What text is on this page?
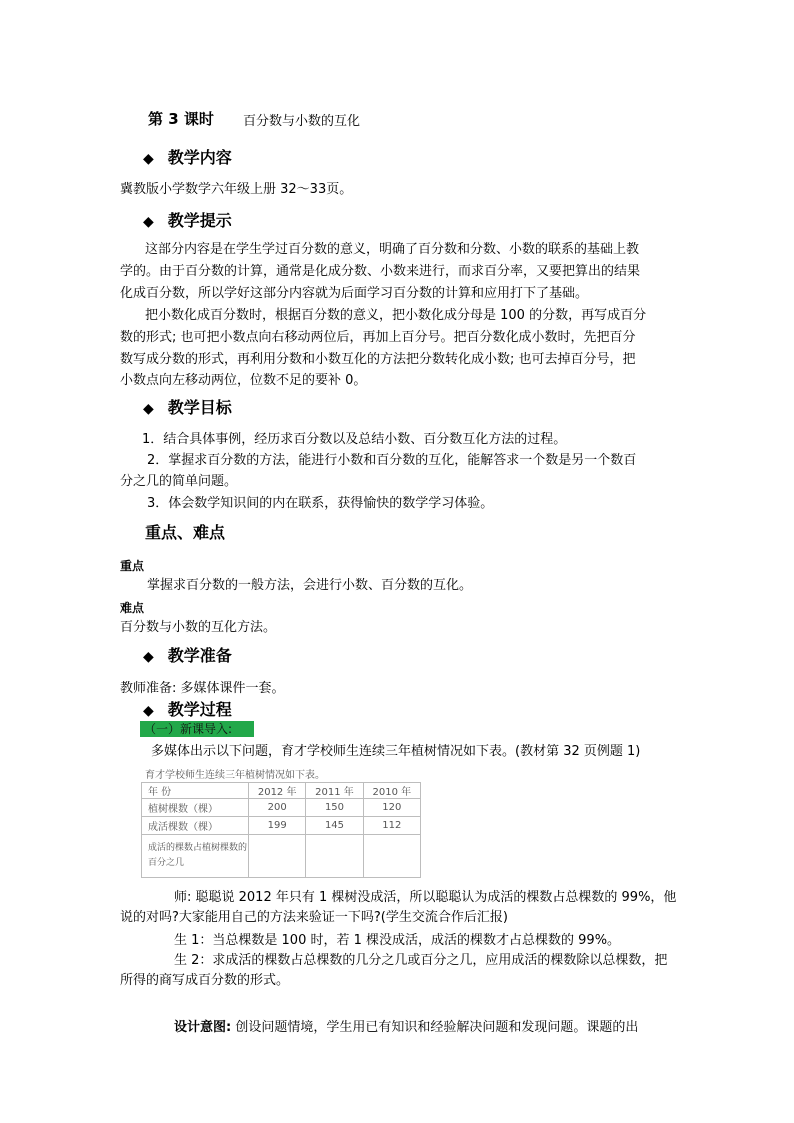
第 3 课时 百分数与小数的互化
◆ 教学内容
冀教版小学数学六年级上册 32～33页。
◆ 教学提示
这部分内容是在学生学过百分数的意义，明确了百分数和分数、小数的联系的基础上教
学的。由于百分数的计算，通常是化成分数、小数来进行，而求百分率，又要把算出的结果
化成百分数，所以学好这部分内容就为后面学习百分数的计算和应用打下了基础。
把小数化成百分数时，根据百分数的意义，把小数化成分母是 100 的分数，再写成百分
数的形式; 也可把小数点向右移动两位后，再加上百分号。把百分数化成小数时，先把百分
数写成分数的形式，再利用分数和小数互化的方法把分数转化成小数; 也可去掉百分号，把
小数点向左移动两位，位数不足的要补 0。
◆ 教学目标
1．结合具体事例，经历求百分数以及总结小数、百分数互化方法的过程。
2．掌握求百分数的方法，能进行小数和百分数的互化，能解答求一个数是另一个数百
分之几的简单问题。
3．体会数学知识间的内在联系，获得愉快的数学学习体验。
重点、难点
重点
掌握求百分数的一般方法，会进行小数、百分数的互化。
难点
百分数与小数的互化方法。
◆ 教学准备
教师准备: 多媒体课件一套。
◆ 教学过程
（一）新课导入:
多媒体出示以下问题，育才学校师生连续三年植树情况如下表。(教材第 32 页例题 1)
育才学校师生连续三年植树情况如下表。
年 份	2012 年	2011 年	2010 年
植树棵数（棵）	200	150	120
成活棵数（棵）	199	145	112
成活的棵数占植树棵数的百分之几			
师: 聪聪说 2012 年只有 1 棵树没成活，所以聪聪认为成活的棵数占总棵数的 99%，他说的对吗?大家能用自己的方法来验证一下吗?(学生交流合作后汇报)
生 1：当总棵数是 100 时，若 1 棵没成活，成活的棵数才占总棵数的 99%。
生 2：求成活的棵数占总棵数的几分之几或百分之几，应用成活的棵数除以总棵数，把所得的商写成百分数的形式。
设计意图: 创设问题情境，学生用已有知识和经验解决问题和发现问题。课题的出
